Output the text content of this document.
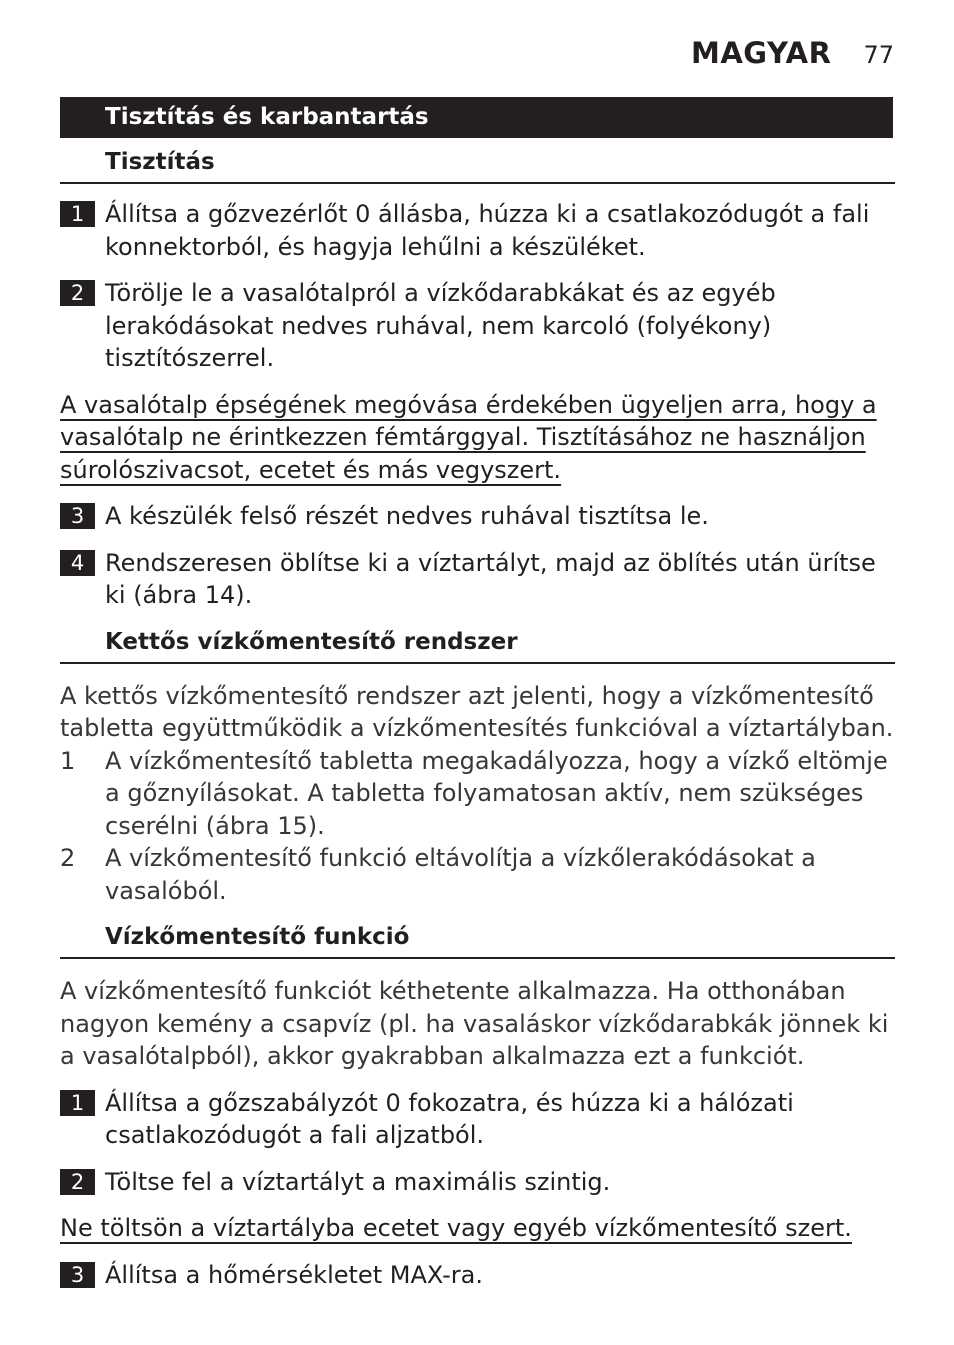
MAGYAR 77
Tisztítás és karbantartás
Tisztítás
1 Állítsa a gőzvezérlőt 0 állásba, húzza ki a csatlakozódugót a fali konnektorból, és hagyja lehűlni a készüléket.
2 Törölje le a vasalótalpról a vízkődarabkákat és az egyéb lerakódásokat nedves ruhával, nem karcoló (folyékony) tisztítószerrel.
A vasalótalp épségének megóvása érdekében ügyeljen arra, hogy a vasalótalp ne érintkezzen fémtárggyal. Tisztításához ne használjon súrolószivacsot, ecetet és más vegyszert.
3 A készülék felső részét nedves ruhával tisztítsa le.
4 Rendszeresen öblítse ki a víztartályt, majd az öblítés után ürítse ki (ábra 14).
Kettős vízkőmentesítő rendszer
A kettős vízkőmentesítő rendszer azt jelenti, hogy a vízkőmentesítő tabletta együttműködik a vízkőmentesítés funkcióval a víztartályban.
1	A vízkőmentesítő tabletta megakadályozza, hogy a vízkő eltömje a gőznyílásokat. A tabletta folyamatosan aktív, nem szükséges cserélni (ábra 15).
2	A vízkőmentesítő funkció eltávolítja a vízkőlerakódásokat a vasalóból.
Vízkőmentesítő funkció
A vízkőmentesítő funkciót kéthetente alkalmazza. Ha otthonában nagyon kemény a csapvíz (pl. ha vasaláskor vízkődarabkák jönnek ki a vasalótalpból), akkor gyakrabban alkalmazza ezt a funkciót.
1 Állítsa a gőzszabályzót 0 fokozatra, és húzza ki a hálózati csatlakozódugót a fali aljzatból.
2 Töltse fel a víztartályt a maximális szintig.
Ne töltsön a víztartályba ecetet vagy egyéb vízkőmentesítő szert.
3 Állítsa a hőmérsékletet MAX-ra.
